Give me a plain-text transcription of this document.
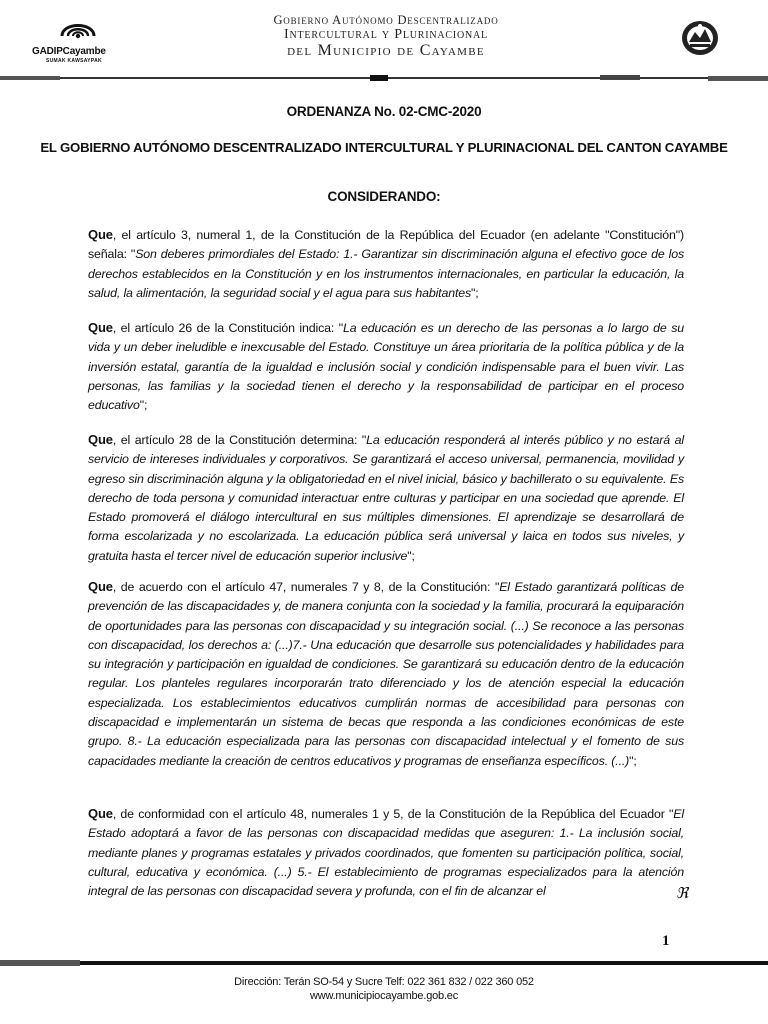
GADIPCayambe
SUMAK KAWSAYPAK
Gobierno Autónomo Descentralizado
Intercultural y Plurinacional
del Municipio de Cayambe
ORDENANZA No. 02-CMC-2020
EL GOBIERNO AUTÓNOMO DESCENTRALIZADO INTERCULTURAL Y PLURINACIONAL DEL CANTON CAYAMBE
CONSIDERANDO:
Que, el artículo 3, numeral 1, de la Constitución de la República del Ecuador (en adelante "Constitución") señala: "Son deberes primordiales del Estado: 1.- Garantizar sin discriminación alguna el efectivo goce de los derechos establecidos en la Constitución y en los instrumentos internacionales, en particular la educación, la salud, la alimentación, la seguridad social y el agua para sus habitantes";
Que, el artículo 26 de la Constitución indica: "La educación es un derecho de las personas a lo largo de su vida y un deber ineludible e inexcusable del Estado. Constituye un área prioritaria de la política pública y de la inversión estatal, garantía de la igualdad e inclusión social y condición indispensable para el buen vivir. Las personas, las familias y la sociedad tienen el derecho y la responsabilidad de participar en el proceso educativo";
Que, el artículo 28 de la Constitución determina: "La educación responderá al interés público y no estará al servicio de intereses individuales y corporativos. Se garantizará el acceso universal, permanencia, movilidad y egreso sin discriminación alguna y la obligatoriedad en el nivel inicial, básico y bachillerato o su equivalente. Es derecho de toda persona y comunidad interactuar entre culturas y participar en una sociedad que aprende. El Estado promoverá el diálogo intercultural en sus múltiples dimensiones. El aprendizaje se desarrollará de forma escolarizada y no escolarizada. La educación pública será universal y laica en todos sus niveles, y gratuita hasta el tercer nivel de educación superior inclusive";
Que, de acuerdo con el artículo 47, numerales 7 y 8, de la Constitución: "El Estado garantizará políticas de prevención de las discapacidades y, de manera conjunta con la sociedad y la familia, procurará la equiparación de oportunidades para las personas con discapacidad y su integración social. (...) Se reconoce a las personas con discapacidad, los derechos a: (...)7.- Una educación que desarrolle sus potencialidades y habilidades para su integración y participación en igualdad de condiciones. Se garantizará su educación dentro de la educación regular. Los planteles regulares incorporarán trato diferenciado y los de atención especial la educación especializada. Los establecimientos educativos cumplirán normas de accesibilidad para personas con discapacidad e implementarán un sistema de becas que responda a las condiciones económicas de este grupo. 8.- La educación especializada para las personas con discapacidad intelectual y el fomento de sus capacidades mediante la creación de centros educativos y programas de enseñanza específicos. (...)";
Que, de conformidad con el artículo 48, numerales 1 y 5, de la Constitución de la República del Ecuador "El Estado adoptará a favor de las personas con discapacidad medidas que aseguren: 1.- La inclusión social, mediante planes y programas estatales y privados coordinados, que fomenten su participación política, social, cultural, educativa y económica. (...) 5.- El establecimiento de programas especializados para la atención integral de las personas con discapacidad severa y profunda, con el fin de alcanzar el	ℜ
1
Dirección: Terán SO-54 y Sucre Telf: 022 361 832 / 022 360 052
www.municipiocayambe.gob.ec
